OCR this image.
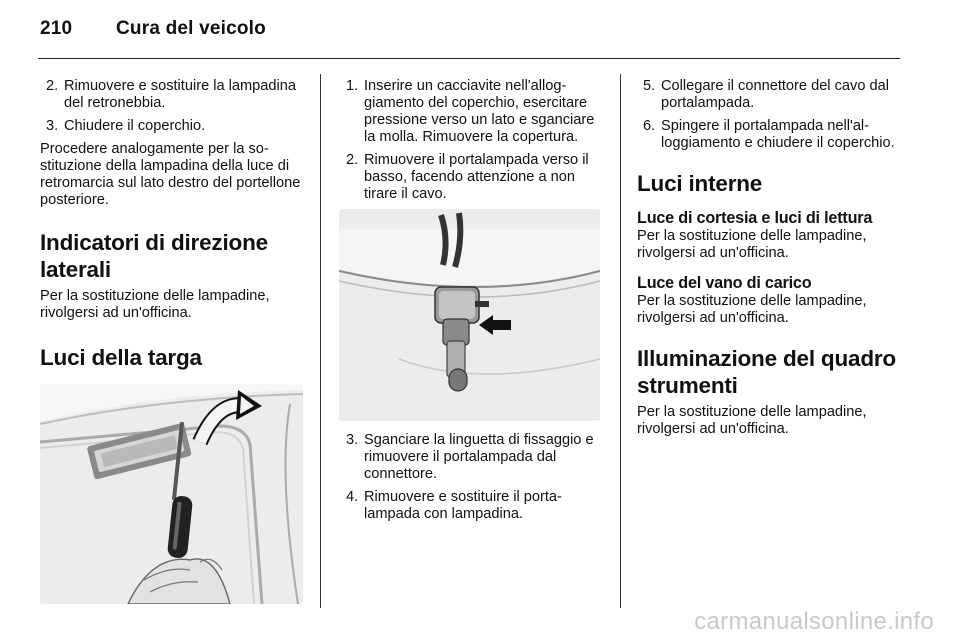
210 Cura del veicolo
2. Rimuovere e sostituire la lampadina del retronebbia.
3. Chiudere il coperchio.

Procedere analogamente per la sostituzione della lampadina della luce di retromarcia sul lato destro del portellone posteriore.

Indicatori di direzione laterali

Per la sostituzione delle lampadine, rivolgersi ad un'officina.

Luci della targa
1. Inserire un cacciavite nell'alloggiamento del coperchio, esercitare pressione verso un lato e sganciare la molla. Rimuovere la copertura.
2. Rimuovere il portalampada verso il basso, facendo attenzione a non tirare il cavo.
3. Sganciare la linguetta di fissaggio e rimuovere il portalampada dal connettore.
4. Rimuovere e sostituire il portalampada con lampadina.
5. Collegare il connettore del cavo dal portalampada.
6. Spingere il portalampada nell'alloggiamento e chiudere il coperchio.
Luci interne
Luce di cortesia e luci di lettura

Per la sostituzione delle lampadine, rivolgersi ad un'officina.

Luce del vano di carico

Per la sostituzione delle lampadine, rivolgersi ad un'officina.

Illuminazione del quadro strumenti

Per la sostituzione delle lampadine, rivolgersi ad un'officina.

carmanualsonline.info
